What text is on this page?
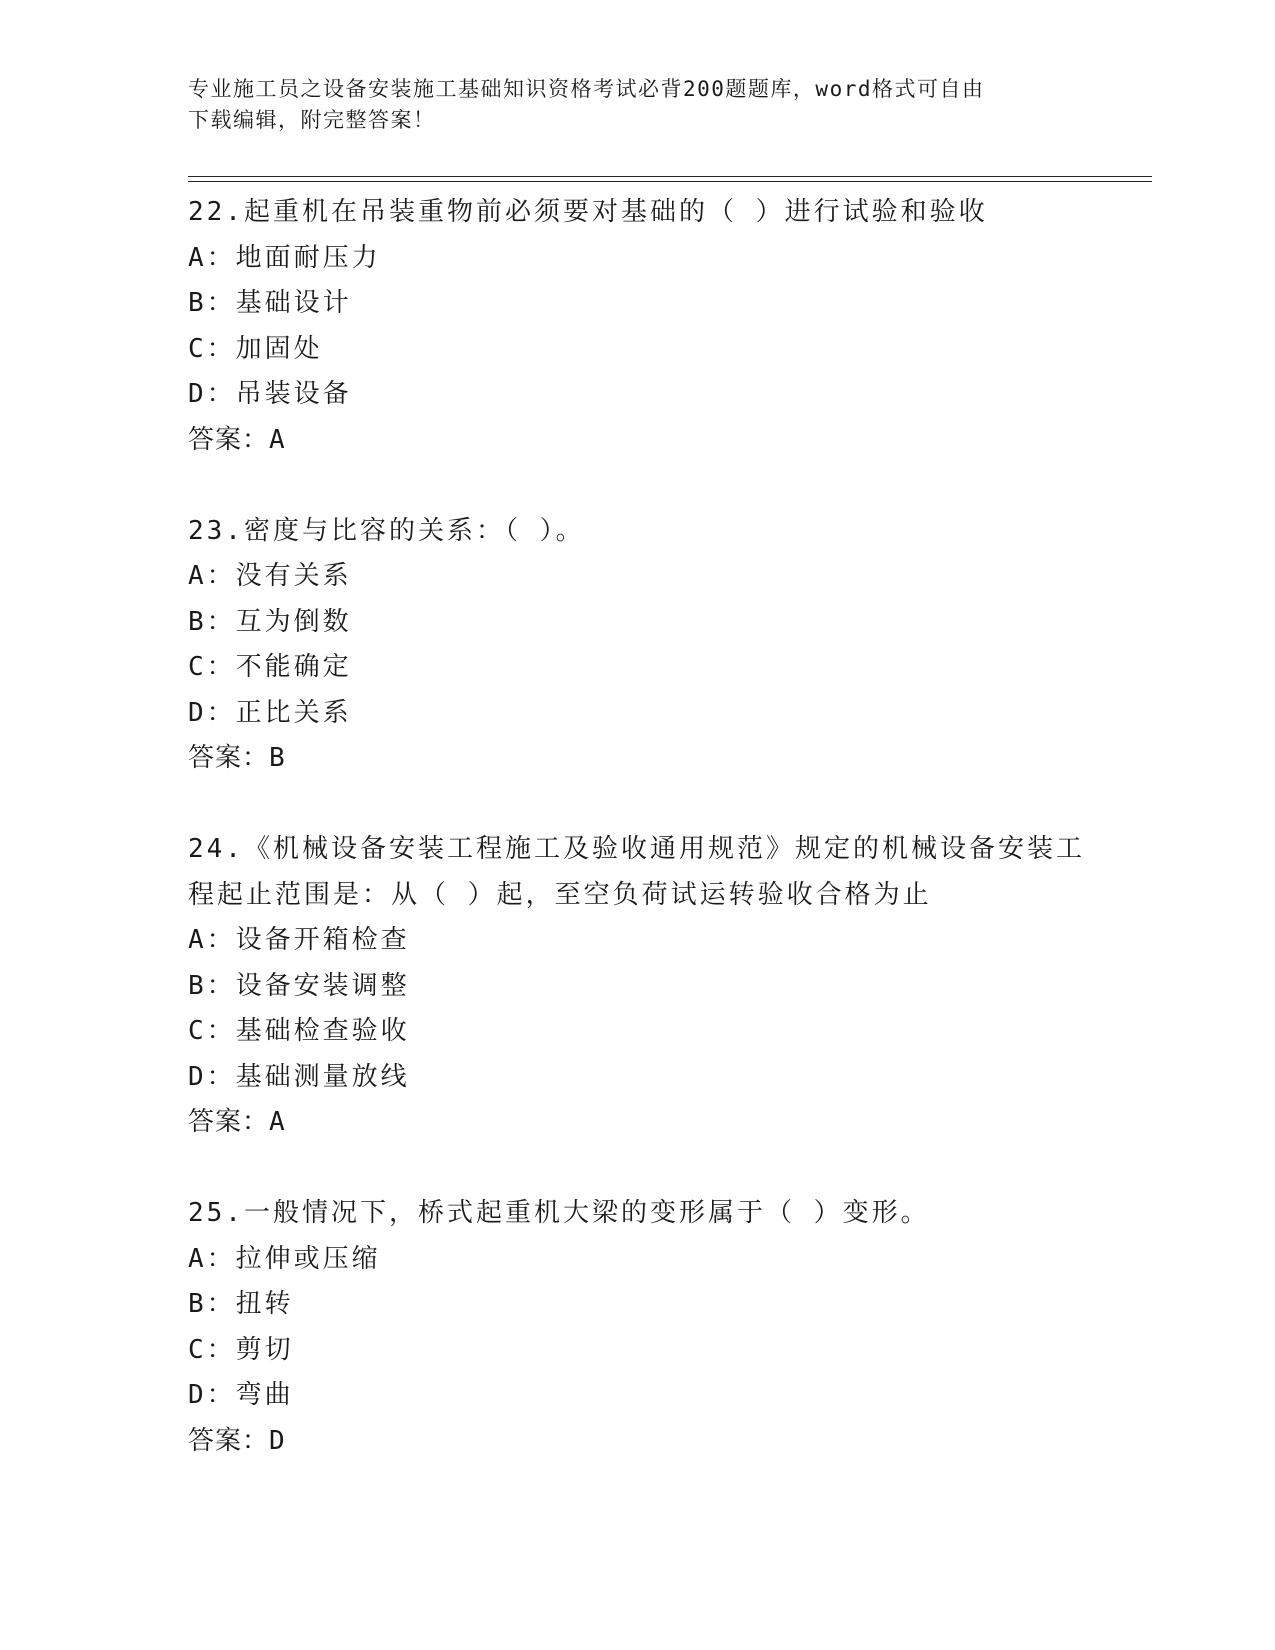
专业施工员之设备安装施工基础知识资格考试必背200题题库，word格式可自由
下载编辑，附完整答案！
22.起重机在吊装重物前必须要对基础的（ ）进行试验和验收
A：地面耐压力
B：基础设计
C：加固处
D：吊装设备
答案：A
23.密度与比容的关系：（ ）。
A：没有关系
B：互为倒数
C：不能确定
D：正比关系
答案：B
24.《机械设备安装工程施工及验收通用规范》规定的机械设备安装工
程起止范围是：从（ ）起，至空负荷试运转验收合格为止
A：设备开箱检查
B：设备安装调整
C：基础检查验收
D：基础测量放线
答案：A
25.一般情况下，桥式起重机大梁的变形属于（ ）变形。
A：拉伸或压缩
B：扭转
C：剪切
D：弯曲
答案：D
